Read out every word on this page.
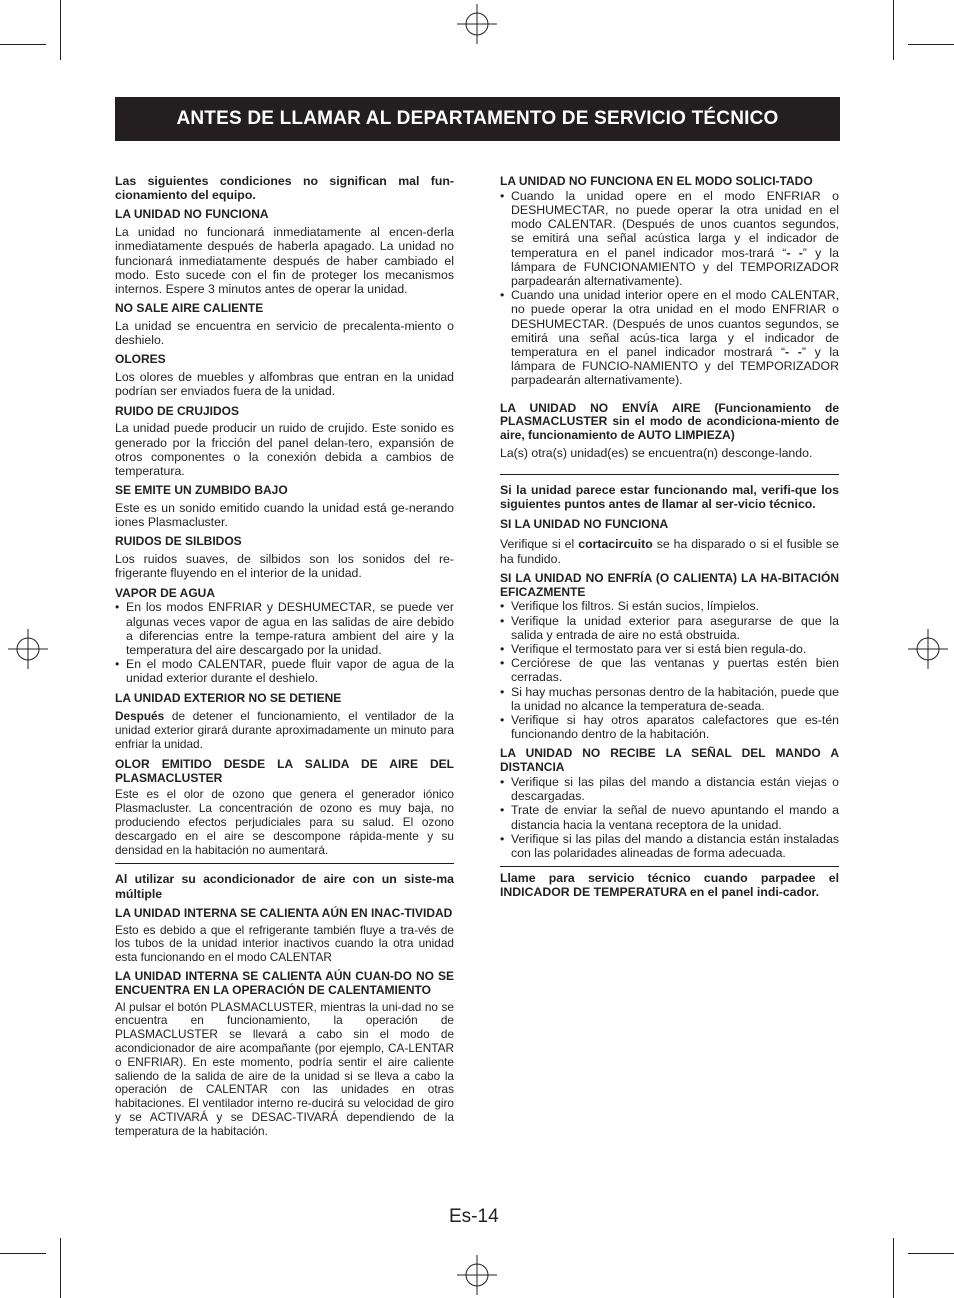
ANTES DE LLAMAR AL DEPARTAMENTO DE SERVICIO TÉCNICO

Las siguientes condiciones no significan mal fun-cionamiento del equipo.

LA UNIDAD NO FUNCIONA

La unidad no funcionará inmediatamente al encen-derla inmediatamente después de haberla apagado. La unidad no funcionará inmediatamente después de haber cambiado el modo. Esto sucede con el fin de proteger los mecanismos internos. Espere 3 minutos antes de operar la unidad.

NO SALE AIRE CALIENTE

La unidad se encuentra en servicio de precalenta-miento o deshielo.

OLORES

Los olores de muebles y alfombras que entran en la unidad podrían ser enviados fuera de la unidad.

RUIDO DE CRUJIDOS

La unidad puede producir un ruido de crujido. Este sonido es generado por la fricción del panel delan-tero, expansión de otros componentes o la conexión debida a cambios de temperatura.

SE EMITE UN ZUMBIDO BAJO

Este es un sonido emitido cuando la unidad está ge-nerando iones Plasmacluster.

RUIDOS DE SILBIDOS

Los ruidos suaves, de silbidos son los sonidos del re-frigerante fluyendo en el interior de la unidad.

VAPOR DE AGUA

• En los modos ENFRIAR y DESHUMECTAR, se puede ver algunas veces vapor de agua en las salidas de aire debido a diferencias entre la tempe-ratura ambient del aire y la temperatura del aire descargado por la unidad.
• En el modo CALENTAR, puede fluir vapor de agua de la unidad exterior durante el deshielo.

LA UNIDAD EXTERIOR NO SE DETIENE

Después de detener el funcionamiento, el ventilador de la unidad exterior girará durante aproximadamente un minuto para enfriar la unidad.

OLOR EMITIDO DESDE LA SALIDA DE AIRE DEL PLASMACLUSTER

Este es el olor de ozono que genera el generador iónico Plasmacluster. La concentración de ozono es muy baja, no produciendo efectos perjudiciales para su salud. El ozono descargado en el aire se descompone rápida-mente y su densidad en la habitación no aumentará.

Al utilizar su acondicionador de aire con un siste-ma múltiple

LA UNIDAD INTERNA SE CALIENTA AÚN EN INAC-TIVIDAD

Esto es debido a que el refrigerante también fluye a tra-vés de los tubos de la unidad interior inactivos cuando la otra unidad esta funcionando en el modo CALENTAR

LA UNIDAD INTERNA SE CALIENTA AÚN CUAN-DO NO SE ENCUENTRA EN LA OPERACIÓN DE CALENTAMIENTO

Al pulsar el botón PLASMACLUSTER, mientras la uni-dad no se encuentra en funcionamiento, la operación de PLASMACLUSTER se llevará a cabo sin el modo de acondicionador de aire acompañante (por ejemplo, CA-LENTAR o ENFRIAR). En este momento, podría sentir el aire caliente saliendo de la salida de aire de la unidad si se lleva a cabo la operación de CALENTAR con las unidades en otras habitaciones. El ventilador interno re-ducirá su velocidad de giro y se ACTIVARÁ y se DESAC-TIVARÁ dependiendo de la temperatura de la habitación.

LA UNIDAD NO FUNCIONA EN EL MODO SOLICI-TADO

• Cuando la unidad opere en el modo ENFRIAR o DESHUMECTAR, no puede operar la otra unidad en el modo CALENTAR. (Después de unos cuantos segundos, se emitirá una señal acústica larga y el indicador de temperatura en el panel indicador mos-trará “- -” y la lámpara de FUNCIONAMIENTO y del TEMPORIZADOR parpadearán alternativamente).
• Cuando una unidad interior opere en el modo CALENTAR, no puede operar la otra unidad en el modo ENFRIAR o DESHUMECTAR. (Después de unos cuantos segundos, se emitirá una señal acús-tica larga y el indicador de temperatura en el panel indicador mostrará “- -” y la lámpara de FUNCIO-NAMIENTO y del TEMPORIZADOR parpadearán alternativamente).

LA UNIDAD NO ENVÍA AIRE (Funcionamiento de PLASMACLUSTER sin el modo de acondiciona-miento de aire, funcionamiento de AUTO LIMPIEZA)

La(s) otra(s) unidad(es) se encuentra(n) desconge-lando.

Si la unidad parece estar funcionando mal, verifi-que los siguientes puntos antes de llamar al ser-vicio técnico.

SI LA UNIDAD NO FUNCIONA

Verifique si el cortacircuito se ha disparado o si el fusible se ha fundido.

SI LA UNIDAD NO ENFRÍA (O CALIENTA) LA HA-BITACIÓN EFICAZMENTE

• Verifique los filtros. Si están sucios, límpielos.
• Verifique la unidad exterior para asegurarse de que la salida y entrada de aire no está obstruida.
• Verifique el termostato para ver si está bien regula-do.
• Cerciórese de que las ventanas y puertas estén bien cerradas.
• Si hay muchas personas dentro de la habitación, puede que la unidad no alcance la temperatura de-seada.
• Verifique si hay otros aparatos calefactores que es-tén funcionando dentro de la habitación.

LA UNIDAD NO RECIBE LA SEÑAL DEL MANDO A DISTANCIA

• Verifique si las pilas del mando a distancia están viejas o descargadas.
• Trate de enviar la señal de nuevo apuntando el mando a distancia hacia la ventana receptora de la unidad.
• Verifique si las pilas del mando a distancia están instaladas con las polaridades alineadas de forma adecuada.

Llame para servicio técnico cuando parpadee el INDICADOR DE TEMPERATURA en el panel indi-cador.

Es-14
